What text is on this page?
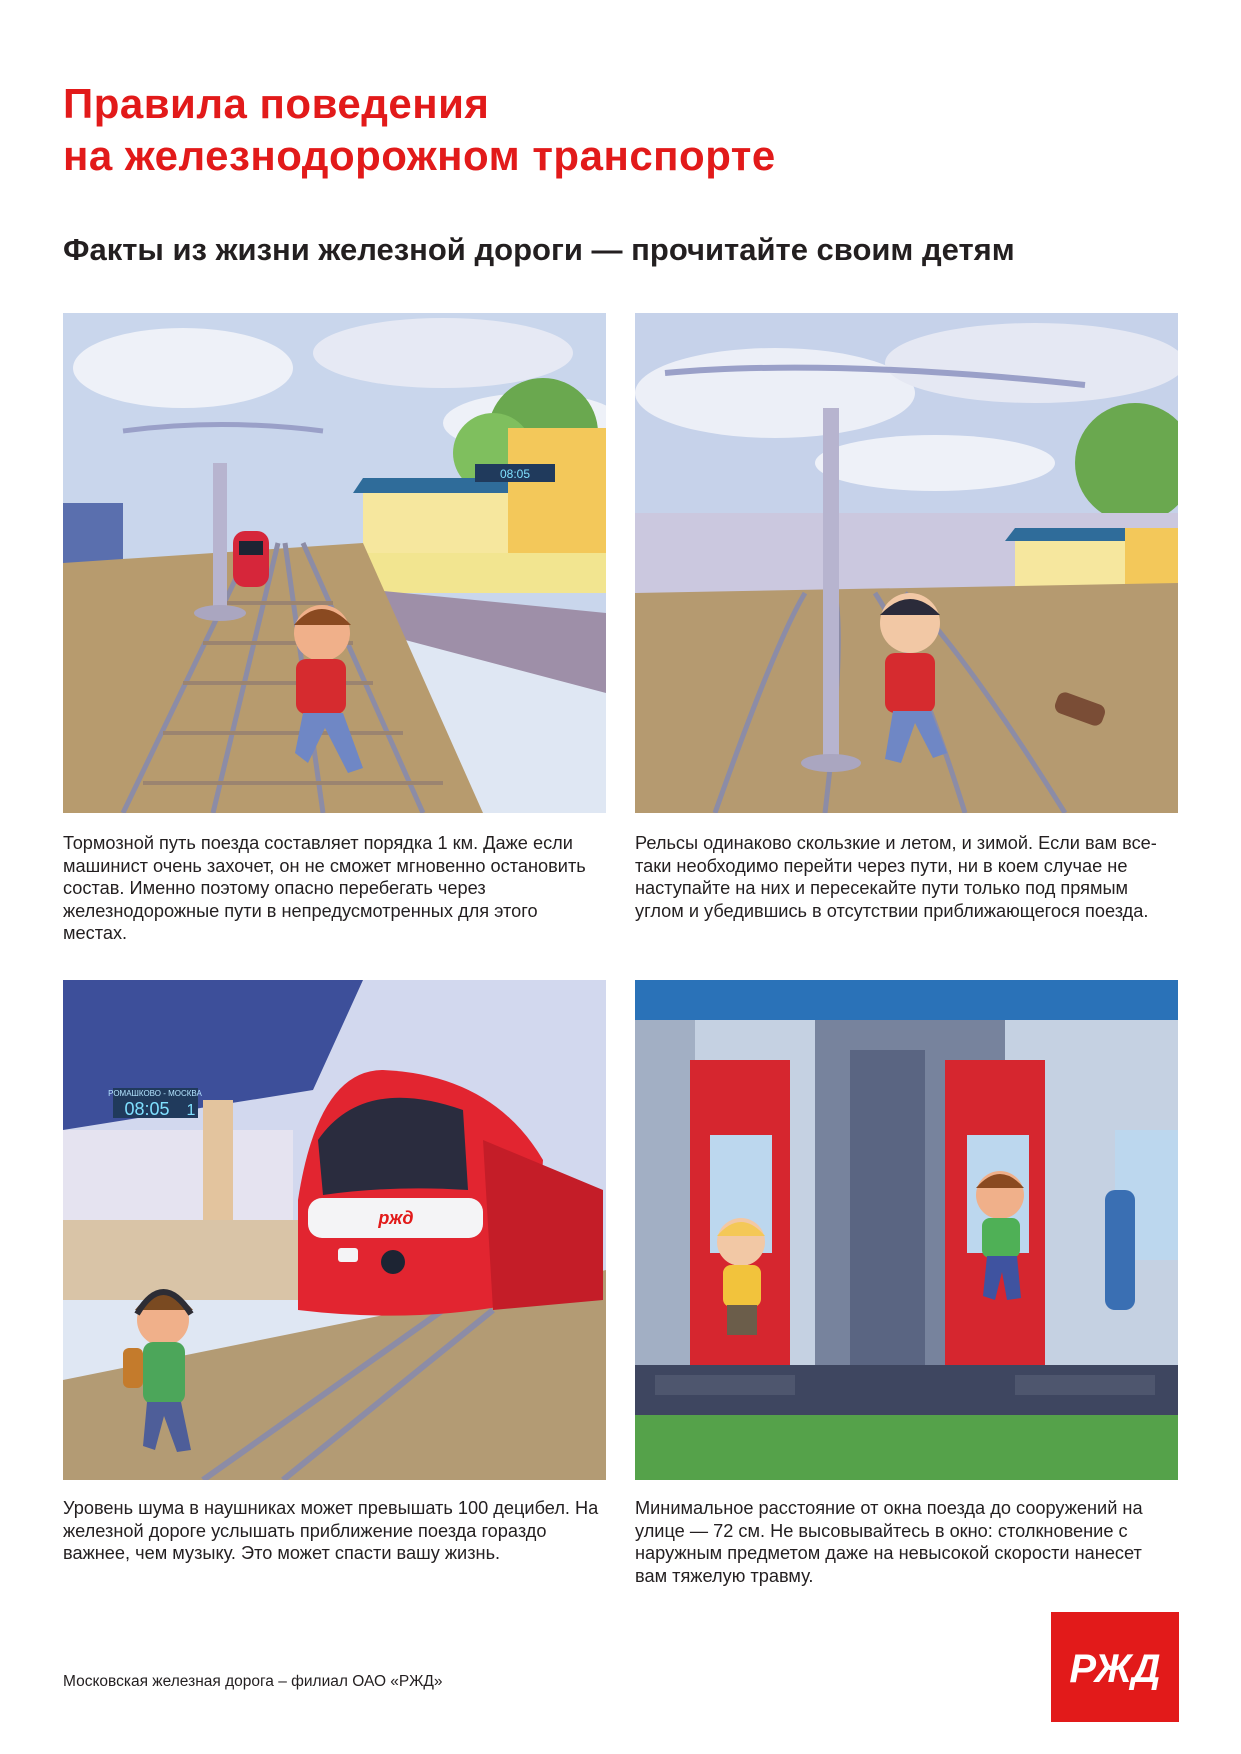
Правила поведения
на железнодорожном транспорте
Факты из жизни железной дороги — прочитайте своим детям
08:05

Тормозной путь поезда составляет порядка 1 км. Даже если машинист очень захочет, он не сможет мгновенно остановить состав. Именно поэтому опасно перебегать через железнодорожные пути в непредусмотренных для этого местах.

Рельсы одинаково скользкие и летом, и зимой. Если вам все-таки необходимо перейти через пути, ни в коем случае не наступайте на них и пересекайте пути только под прямым углом и убедившись в отсутствии приближающегося поезда.

РОМАШКОВО - МОСКВА
08:05 1
ржд

Уровень шума в наушниках может превышать 100 децибел. На железной дороге услышать приближение поезда гораздо важнее, чем музыку. Это может спасти вашу жизнь.

Минимальное расстояние от окна поезда до сооружений на улице — 72 см. Не высовывайтесь в окно: столкновение с наружным предметом даже на невысокой скорости нанесет вам тяжелую травму.

РЖД

Московская железная дорога – филиал ОАО «РЖД»
